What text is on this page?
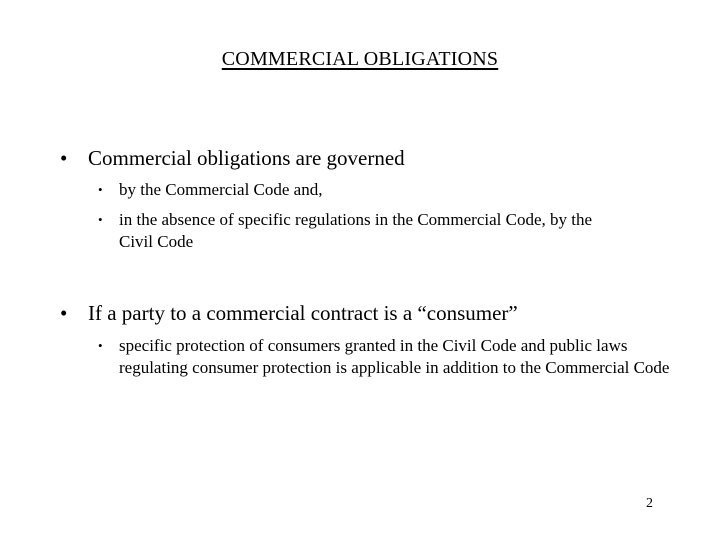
COMMERCIAL OBLIGATIONS
• Commercial obligations are governed
• by the Commercial Code and,
• in the absence of specific regulations in the Commercial Code, by the Civil Code
• If a party to a commercial contract is a “consumer”
• specific protection of consumers granted in the Civil Code and public laws regulating consumer protection is applicable in addition to the Commercial Code
2
